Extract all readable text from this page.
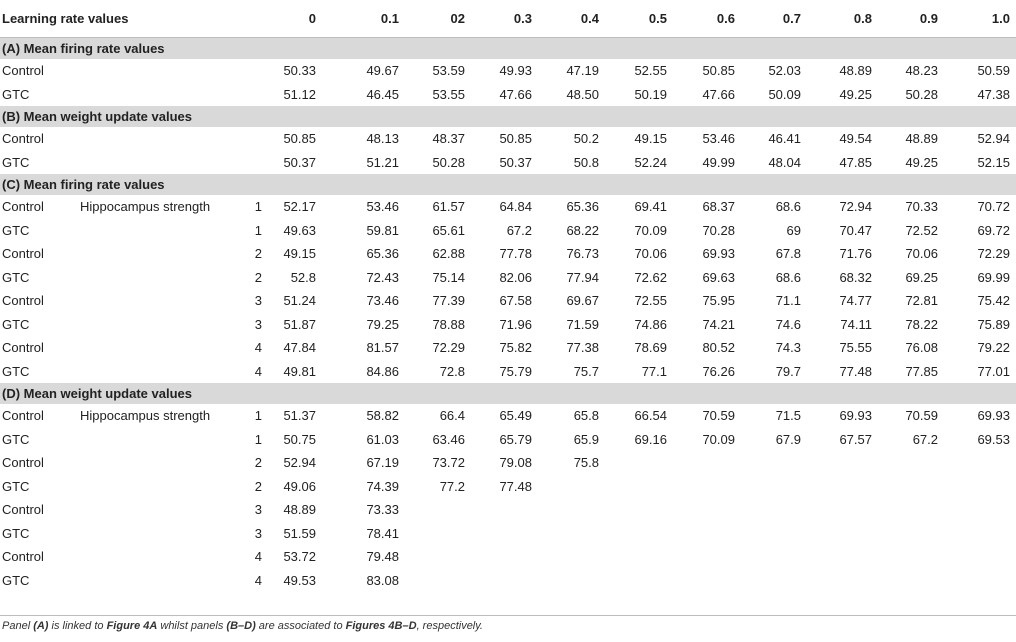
Learning rate values	0	0.1	02	0.3	0.4	0.5	0.6	0.7	0.8	0.9	1.0
(A) Mean firing rate values
Control	50.33	49.67	53.59	49.93	47.19	52.55	50.85	52.03	48.89	48.23	50.59
GTC	51.12	46.45	53.55	47.66	48.50	50.19	47.66	50.09	49.25	50.28	47.38
(B) Mean weight update values
Control	50.85	48.13	48.37	50.85	50.2	49.15	53.46	46.41	49.54	48.89	52.94
GTC	50.37	51.21	50.28	50.37	50.8	52.24	49.99	48.04	47.85	49.25	52.15
(C) Mean firing rate values
Control	Hippocampus strength	1	52.17	53.46	61.57	64.84	65.36	69.41	68.37	68.6	72.94	70.33	70.72
GTC	1	49.63	59.81	65.61	67.2	68.22	70.09	70.28	69	70.47	72.52	69.72
Control	2	49.15	65.36	62.88	77.78	76.73	70.06	69.93	67.8	71.76	70.06	72.29
GTC	2	52.8	72.43	75.14	82.06	77.94	72.62	69.63	68.6	68.32	69.25	69.99
Control	3	51.24	73.46	77.39	67.58	69.67	72.55	75.95	71.1	74.77	72.81	75.42
GTC	3	51.87	79.25	78.88	71.96	71.59	74.86	74.21	74.6	74.11	78.22	75.89
Control	4	47.84	81.57	72.29	75.82	77.38	78.69	80.52	74.3	75.55	76.08	79.22
GTC	4	49.81	84.86	72.8	75.79	75.7	77.1	76.26	79.7	77.48	77.85	77.01
(D) Mean weight update values
Control	Hippocampus strength	1	51.37	58.82	66.4	65.49	65.8	66.54	70.59	71.5	69.93	70.59	69.93
GTC	1	50.75	61.03	63.46	65.79	65.9	69.16	70.09	67.9	67.57	67.2	69.53
Control	2	52.94	67.19	73.72	79.08	75.8
GTC	2	49.06	74.39	77.2	77.48
Control	3	48.89	73.33
GTC	3	51.59	78.41
Control	4	53.72	79.48
GTC	4	49.53	83.08
Panel (A) is linked to Figure 4A whilst panels (B–D) are associated to Figures 4B–D, respectively.
